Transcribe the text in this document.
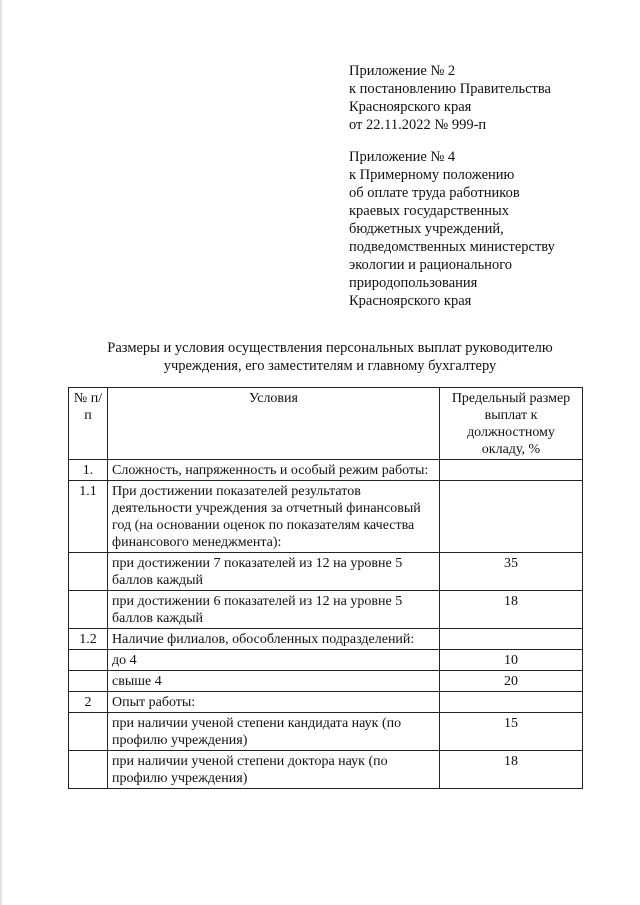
Приложение № 2
к постановлению Правительства
Красноярского края
от 22.11.2022 № 999-п
Приложение № 4
к Примерному положению
об оплате труда работников
краевых государственных
бюджетных учреждений,
подведомственных министерству
экологии и рационального
природопользования
Красноярского края
Размеры и условия осуществления персональных выплат руководителю
учреждения, его заместителям и главному бухгалтеру
№ п/п	Условия	Предельный размер выплат к должностному окладу, %
1.	Сложность, напряженность и особый режим работы:	
1.1	При достижении показателей результатов деятельности учреждения за отчетный финансовый год (на основании оценок по показателям качества финансового менеджмента):	
	при достижении 7 показателей из 12 на уровне 5 баллов каждый	35
	при достижении 6 показателей из 12 на уровне 5 баллов каждый	18
1.2	Наличие филиалов, обособленных подразделений:	
	до 4	10
	свыше 4	20
2	Опыт работы:	
	при наличии ученой степени кандидата наук (по профилю учреждения)	15
	при наличии ученой степени доктора наук (по профилю учреждения)	18
